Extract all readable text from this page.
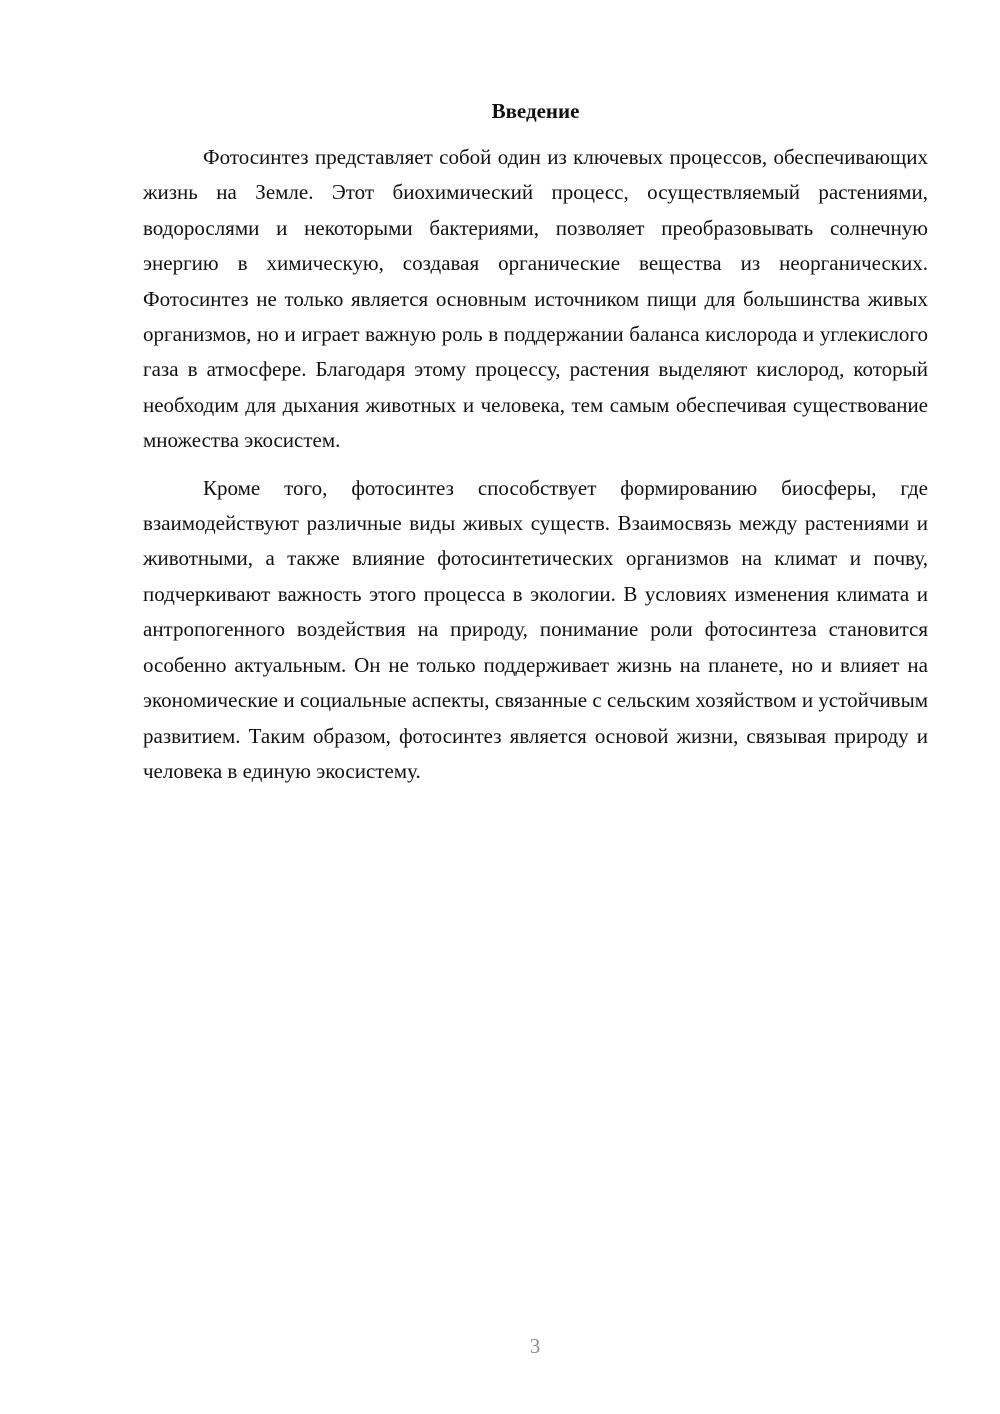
Введение

Фотосинтез представляет собой один из ключевых процессов, обеспечивающих жизнь на Земле. Этот биохимический процесс, осуществляемый растениями, водорослями и некоторыми бактериями, позволяет преобразовывать солнечную энергию в химическую, создавая органические вещества из неорганических. Фотосинтез не только является основным источником пищи для большинства живых организмов, но и играет важную роль в поддержании баланса кислорода и углекислого газа в атмосфере. Благодаря этому процессу, растения выделяют кислород, который необходим для дыхания животных и человека, тем самым обеспечивая существование множества экосистем.

Кроме того, фотосинтез способствует формированию биосферы, где взаимодействуют различные виды живых существ. Взаимосвязь между растениями и животными, а также влияние фотосинтетических организмов на климат и почву, подчеркивают важность этого процесса в экологии. В условиях изменения климата и антропогенного воздействия на природу, понимание роли фотосинтеза становится особенно актуальным. Он не только поддерживает жизнь на планете, но и влияет на экономические и социальные аспекты, связанные с сельским хозяйством и устойчивым развитием. Таким образом, фотосинтез является основой жизни, связывая природу и человека в единую экосистему.

3
